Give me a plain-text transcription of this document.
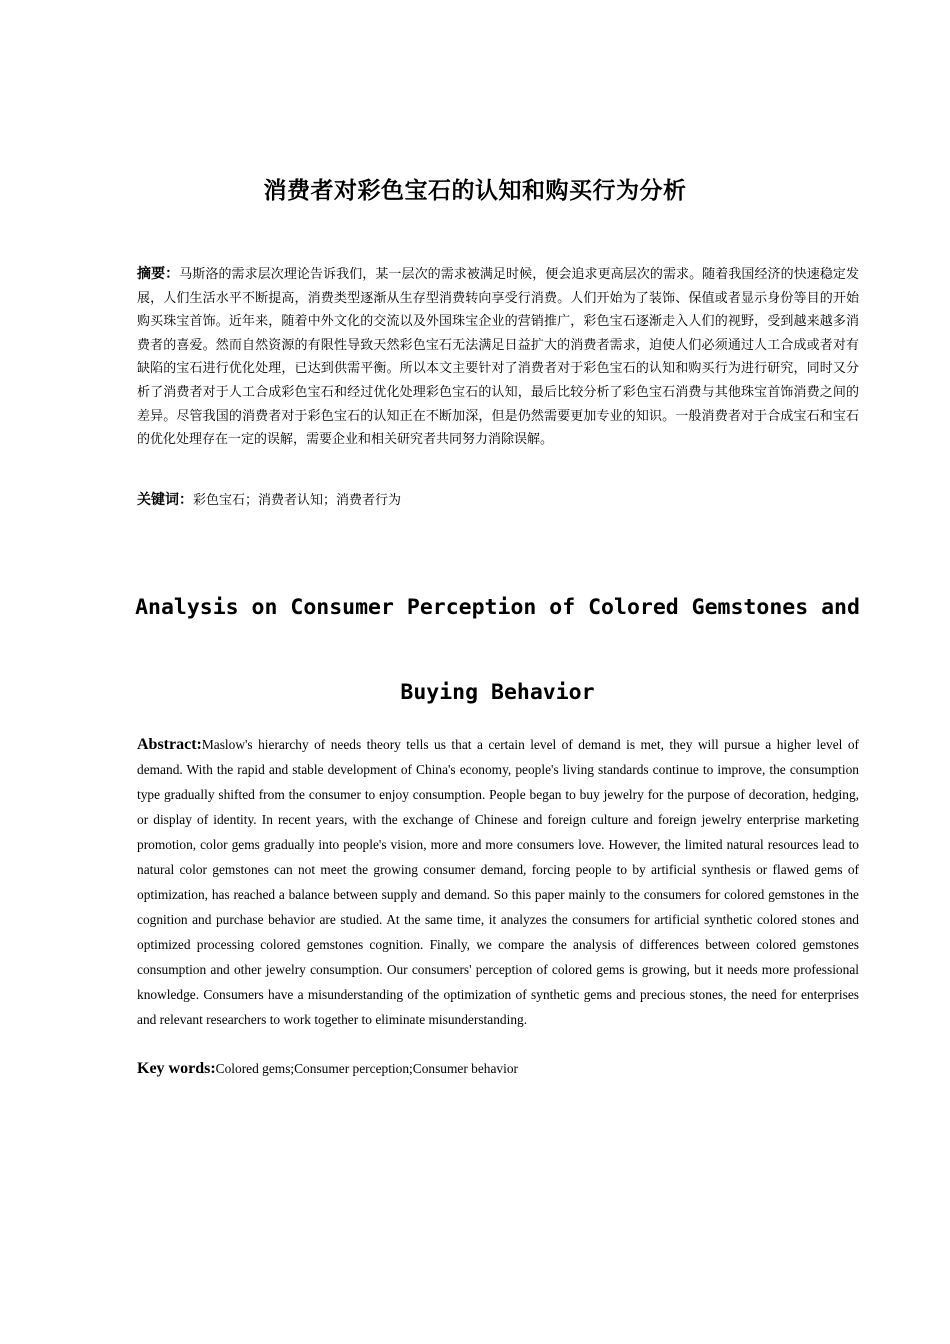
消费者对彩色宝石的认知和购买行为分析

摘要：马斯洛的需求层次理论告诉我们，某一层次的需求被满足时候，便会追求更高层次的需求。随着我国经济的快速稳定发展，人们生活水平不断提高，消费类型逐渐从生存型消费转向享受行消费。人们开始为了装饰、保值或者显示身份等目的开始购买珠宝首饰。近年来，随着中外文化的交流以及外国珠宝企业的营销推广，彩色宝石逐渐走入人们的视野，受到越来越多消费者的喜爱。然而自然资源的有限性导致天然彩色宝石无法满足日益扩大的消费者需求，迫使人们必须通过人工合成或者对有缺陷的宝石进行优化处理，已达到供需平衡。所以本文主要针对了消费者对于彩色宝石的认知和购买行为进行研究，同时又分析了消费者对于人工合成彩色宝石和经过优化处理彩色宝石的认知，最后比较分析了彩色宝石消费与其他珠宝首饰消费之间的差异。尽管我国的消费者对于彩色宝石的认知正在不断加深，但是仍然需要更加专业的知识。一般消费者对于合成宝石和宝石的优化处理存在一定的误解，需要企业和相关研究者共同努力消除误解。

关键词：彩色宝石；消费者认知；消费者行为

Analysis on Consumer Perception of Colored Gemstones and Buying Behavior

Abstract:Maslow's hierarchy of needs theory tells us that a certain level of demand is met, they will pursue a higher level of demand. With the rapid and stable development of China's economy, people's living standards continue to improve, the consumption type gradually shifted from the consumer to enjoy consumption. People began to buy jewelry for the purpose of decoration, hedging, or display of identity. In recent years, with the exchange of Chinese and foreign culture and foreign jewelry enterprise marketing promotion, color gems gradually into people's vision, more and more consumers love. However, the limited natural resources lead to natural color gemstones can not meet the growing consumer demand, forcing people to by artificial synthesis or flawed gems of optimization, has reached a balance between supply and demand. So this paper mainly to the consumers for colored gemstones in the cognition and purchase behavior are studied. At the same time, it analyzes the consumers for artificial synthetic colored stones and optimized processing colored gemstones cognition. Finally, we compare the analysis of differences between colored gemstones consumption and other jewelry consumption. Our consumers' perception of colored gems is growing, but it needs more professional knowledge. Consumers have a misunderstanding of the optimization of synthetic gems and precious stones, the need for enterprises and relevant researchers to work together to eliminate misunderstanding.

Key words:Colored gems;Consumer perception;Consumer behavior
